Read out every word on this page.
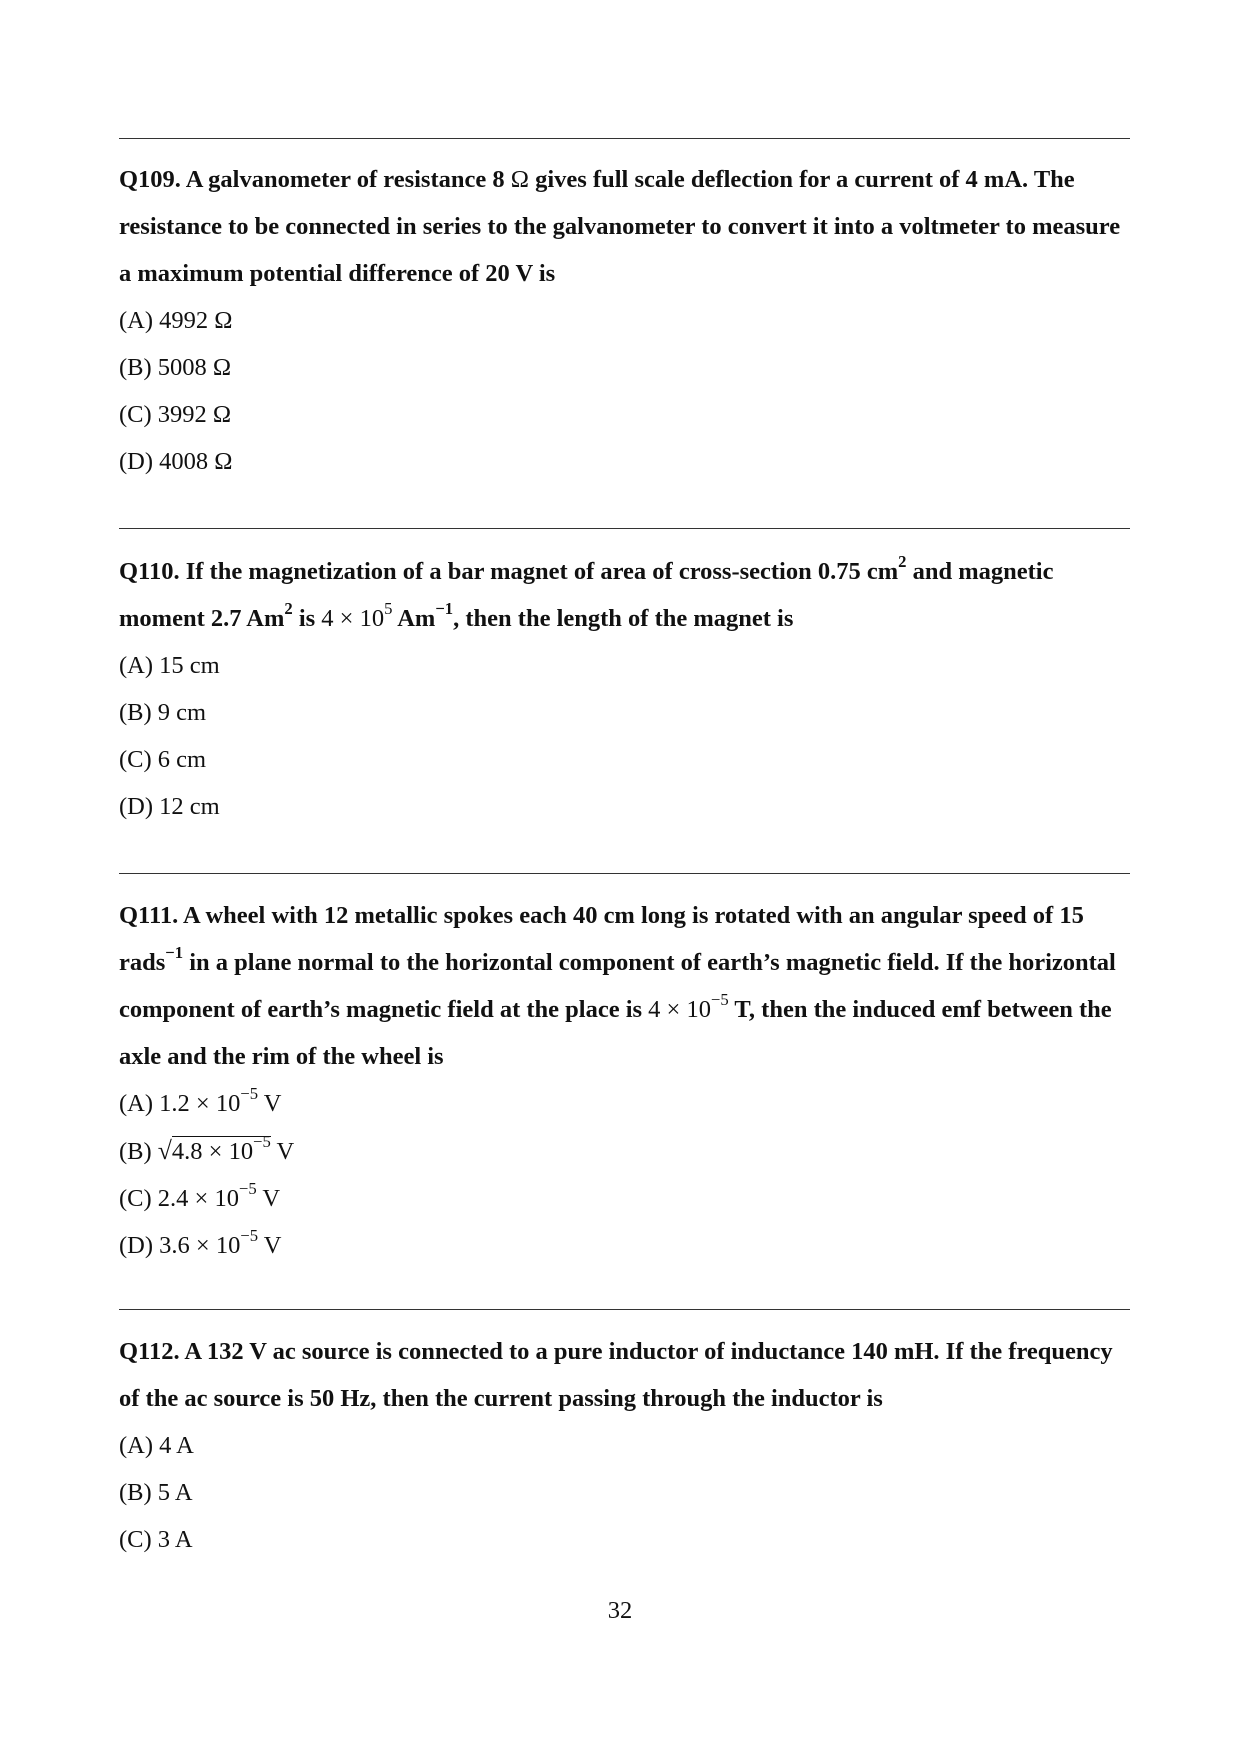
Q109. A galvanometer of resistance 8 Ω gives full scale deflection for a current of 4 mA. The resistance to be connected in series to the galvanometer to convert it into a voltmeter to measure a maximum potential difference of 20 V is

(A) 4992 Ω

(B) 5008 Ω

(C) 3992 Ω

(D) 4008 Ω

Q110. If the magnetization of a bar magnet of area of cross-section 0.75 $cm^2$ and magnetic moment 2.7 Am$^2$ is $4 \times 10^5$ $Am^{-1}$, then the length of the magnet is

(A) 15 cm

(B) 9 cm

(C) 6 cm

(D) 12 cm

Q111. A wheel with 12 metallic spokes each 40 cm long is rotated with an angular speed of 15 rads$^{-1}$ in a plane normal to the horizontal component of earth’s magnetic field. If the horizontal component of earth’s magnetic field at the place is $4 \times 10^{-5}$ T, then the induced emf between the axle and the rim of the wheel is

(A) $1.2 \times 10^{-5}$ V

(B) $√4.8 \times 10^{-5}$ V

(C) $2.4 \times 10^{-5}$ V

(D) $3.6 \times 10^{-5}$ V

Q112. A 132 V ac source is connected to a pure inductor of inductance 140 mH. If the frequency of the ac source is 50 Hz, then the current passing through the inductor is

(A) 4 A

(B) 5 A

(C) 3 A

32
